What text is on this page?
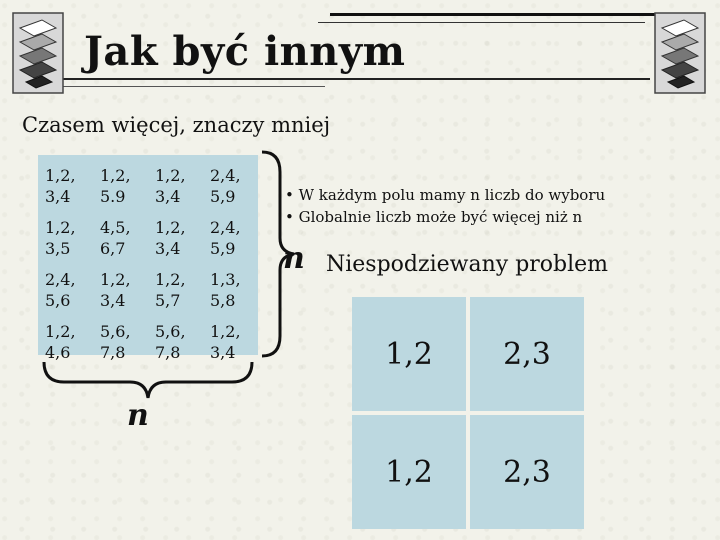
Jak być innym
Czasem więcej, znaczy mniej
1,2,
3,4
1,2,
5.9
1,2,
3,4
2,4,
5,9
1,2,
3,5
4,5,
6,7
1,2,
3,4
2,4,
5,9
2,4,
5,6
1,2,
3,4
1,2,
5,7
1,3,
5,8
1,2,
4,6
5,6,
7,8
5,6,
7,8
1,2,
3,4
n
• W każdym polu mamy n liczb do wyboru
• Globalnie liczb może być więcej niż n
n Niespodziewany problem
1,2	2,3
1,2	2,3
